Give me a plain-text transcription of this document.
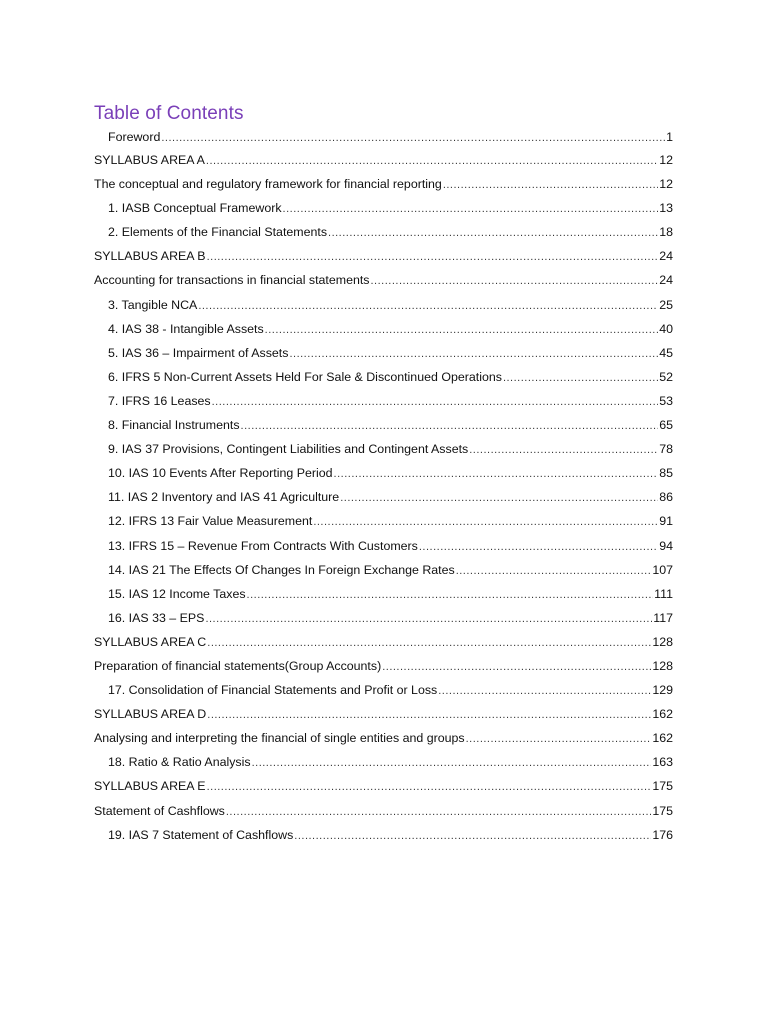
Table of Contents
Foreword .....	1
SYLLABUS AREA A .....	12
The conceptual and regulatory framework for financial reporting .....	12
1. IASB Conceptual Framework .....	13
2. Elements of the Financial Statements .....	18
SYLLABUS AREA B .....	24
Accounting for transactions in financial statements .....	24
3. Tangible NCA .....	25
4. IAS 38 - Intangible Assets .....	40
5. IAS 36 – Impairment of Assets .....	45
6. IFRS 5 Non-Current Assets Held For Sale & Discontinued Operations .....	52
7. IFRS 16 Leases .....	53
8. Financial Instruments .....	65
9. IAS 37 Provisions, Contingent Liabilities and Contingent Assets .....	78
10. IAS 10 Events After Reporting Period .....	85
11. IAS 2 Inventory and IAS 41 Agriculture .....	86
12. IFRS 13 Fair Value Measurement .....	91
13. IFRS 15 – Revenue From Contracts With Customers .....	94
14. IAS 21 The Effects Of Changes In Foreign Exchange Rates .....	107
15. IAS 12 Income Taxes .....	111
16. IAS 33 – EPS .....	117
SYLLABUS AREA C .....	128
Preparation of financial statements(Group Accounts) .....	128
17. Consolidation of Financial Statements and Profit or Loss .....	129
SYLLABUS AREA D .....	162
Analysing and interpreting the financial of single entities and groups .....	162
18. Ratio & Ratio Analysis .....	163
SYLLABUS AREA E .....	175
Statement of Cashflows .....	175
19. IAS 7 Statement of Cashflows .....	176
